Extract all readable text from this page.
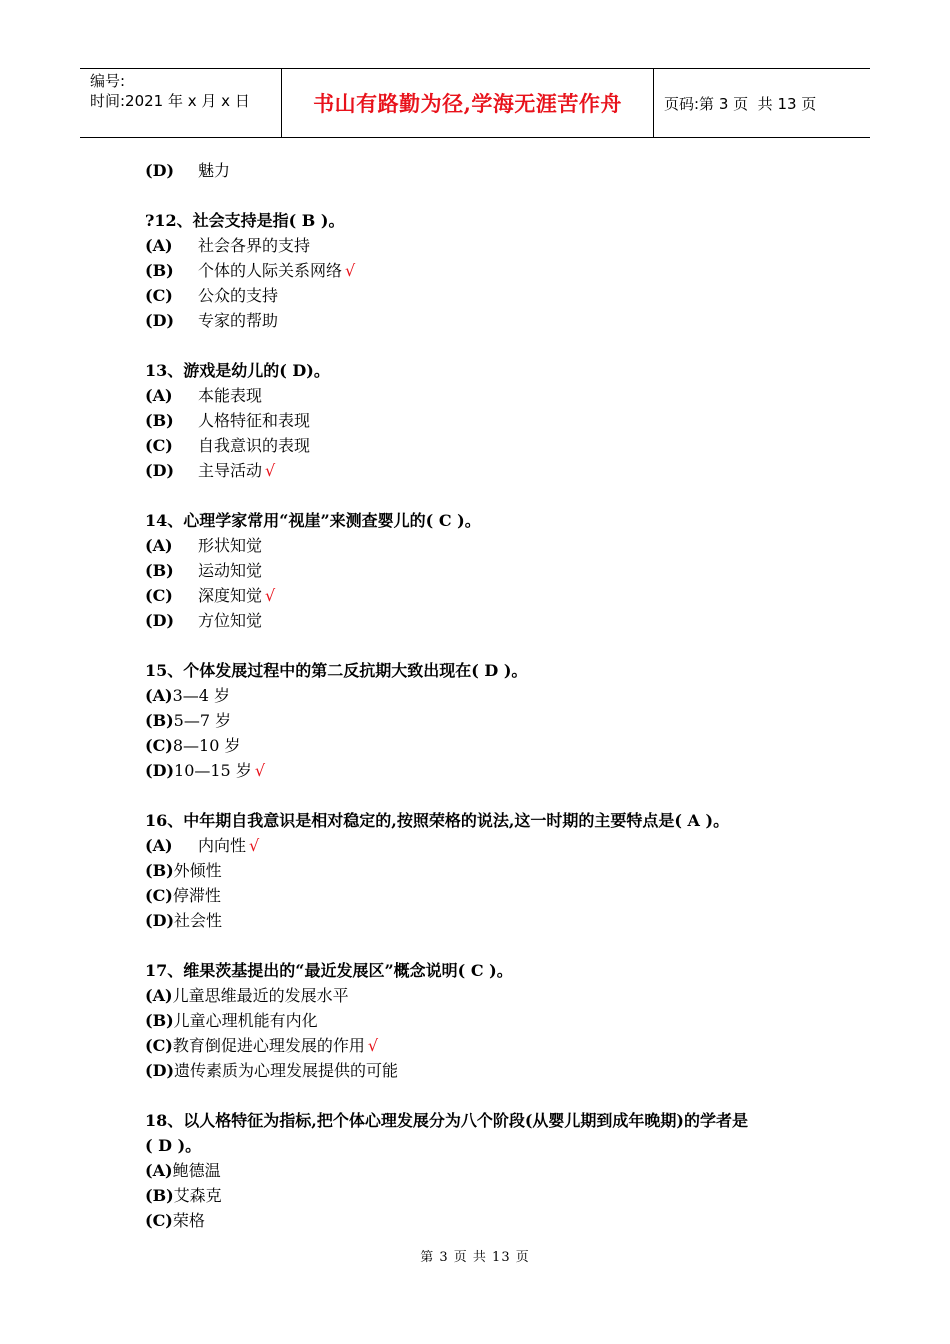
编号:
时间:2021 年 x 月 x 日	书山有路勤为径,学海无涯苦作舟	页码:第 3 页  共 13 页
(D) 魅力
?12、社会支持是指( B )。
(A) 社会各界的支持
(B) 个体的人际关系网络 √
(C) 公众的支持
(D) 专家的帮助
13、游戏是幼儿的( D)。
(A) 本能表现
(B) 人格特征和表现
(C) 自我意识的表现
(D) 主导活动 √
14、心理学家常用“视崖”来测查婴儿的( C )。
(A) 形状知觉
(B) 运动知觉
(C) 深度知觉 √
(D) 方位知觉
15、个体发展过程中的第二反抗期大致出现在( D )。
(A)3—4 岁
(B)5—7 岁
(C)8—10 岁
(D)10—15 岁 √
16、中年期自我意识是相对稳定的,按照荣格的说法,这一时期的主要特点是( A )。
(A) 内向性 √
(B)外倾性
(C)停滞性
(D)社会性
17、维果茨基提出的“最近发展区”概念说明( C )。
(A)儿童思维最近的发展水平
(B)儿童心理机能有内化
(C)教育倒促进心理发展的作用 √
(D)遗传素质为心理发展提供的可能
18、以人格特征为指标,把个体心理发展分为八个阶段(从婴儿期到成年晚期)的学者是
( D )。
(A)鲍德温
(B)艾森克
(C)荣格
第 3 页 共 13 页
